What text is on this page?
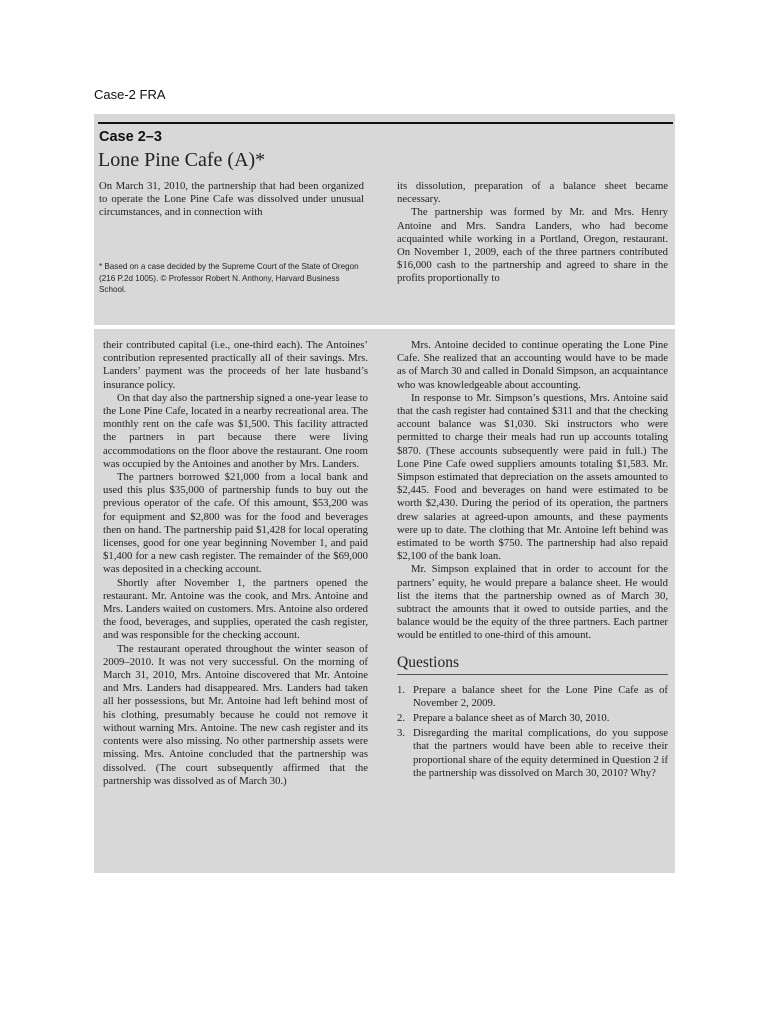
Case-2 FRA
Case 2–3
Lone Pine Cafe (A)*

On March 31, 2010, the partnership that had been organized to operate the Lone Pine Cafe was dissolved under unusual circumstances, and in connection with

* Based on a case decided by the Supreme Court of the State of Oregon (216 P.2d 1005). © Professor Robert N. Anthony, Harvard Business School.

its dissolution, preparation of a balance sheet became necessary.

The partnership was formed by Mr. and Mrs. Henry Antoine and Mrs. Sandra Landers, who had become acquainted while working in a Portland, Oregon, restaurant. On November 1, 2009, each of the three partners contributed $16,000 cash to the partnership and agreed to share in the profits proportionally to

their contributed capital (i.e., one-third each). The Antoines’ contribution represented practically all of their savings. Mrs. Landers’ payment was the proceeds of her late husband’s insurance policy.

On that day also the partnership signed a one-year lease to the Lone Pine Cafe, located in a nearby recreational area. The monthly rent on the cafe was $1,500. This facility attracted the partners in part because there were living accommodations on the floor above the restaurant. One room was occupied by the Antoines and another by Mrs. Landers.

The partners borrowed $21,000 from a local bank and used this plus $35,000 of partnership funds to buy out the previous operator of the cafe. Of this amount, $53,200 was for equipment and $2,800 was for the food and beverages then on hand. The partnership paid $1,428 for local operating licenses, good for one year beginning November 1, and paid $1,400 for a new cash register. The remainder of the $69,000 was deposited in a checking account.

Shortly after November 1, the partners opened the restaurant. Mr. Antoine was the cook, and Mrs. Antoine and Mrs. Landers waited on customers. Mrs. Antoine also ordered the food, beverages, and supplies, operated the cash register, and was responsible for the checking account.

The restaurant operated throughout the winter season of 2009–2010. It was not very successful. On the morning of March 31, 2010, Mrs. Antoine discovered that Mr. Antoine and Mrs. Landers had disappeared. Mrs. Landers had taken all her possessions, but Mr. Antoine had left behind most of his clothing, presumably because he could not remove it without warning Mrs. Antoine. The new cash register and its contents were also missing. No other partnership assets were missing. Mrs. Antoine concluded that the partnership was dissolved. (The court subsequently affirmed that the partnership was dissolved as of March 30.)

Mrs. Antoine decided to continue operating the Lone Pine Cafe. She realized that an accounting would have to be made as of March 30 and called in Donald Simpson, an acquaintance who was knowledgeable about accounting.

In response to Mr. Simpson’s questions, Mrs. Antoine said that the cash register had contained $311 and that the checking account balance was $1,030. Ski instructors who were permitted to charge their meals had run up accounts totaling $870. (These accounts subsequently were paid in full.) The Lone Pine Cafe owed suppliers amounts totaling $1,583. Mr. Simpson estimated that depreciation on the assets amounted to $2,445. Food and beverages on hand were estimated to be worth $2,430. During the period of its operation, the partners drew salaries at agreed-upon amounts, and these payments were up to date. The clothing that Mr. Antoine left behind was estimated to be worth $750. The partnership had also repaid $2,100 of the bank loan.

Mr. Simpson explained that in order to account for the partners’ equity, he would prepare a balance sheet. He would list the items that the partnership owned as of March 30, subtract the amounts that it owed to outside parties, and the balance would be the equity of the three partners. Each partner would be entitled to one-third of this amount.

Questions
1. Prepare a balance sheet for the Lone Pine Cafe as of November 2, 2009.
2. Prepare a balance sheet as of March 30, 2010.
3. Disregarding the marital complications, do you suppose that the partners would have been able to receive their proportional share of the equity determined in Question 2 if the partnership was dissolved on March 30, 2010? Why?
